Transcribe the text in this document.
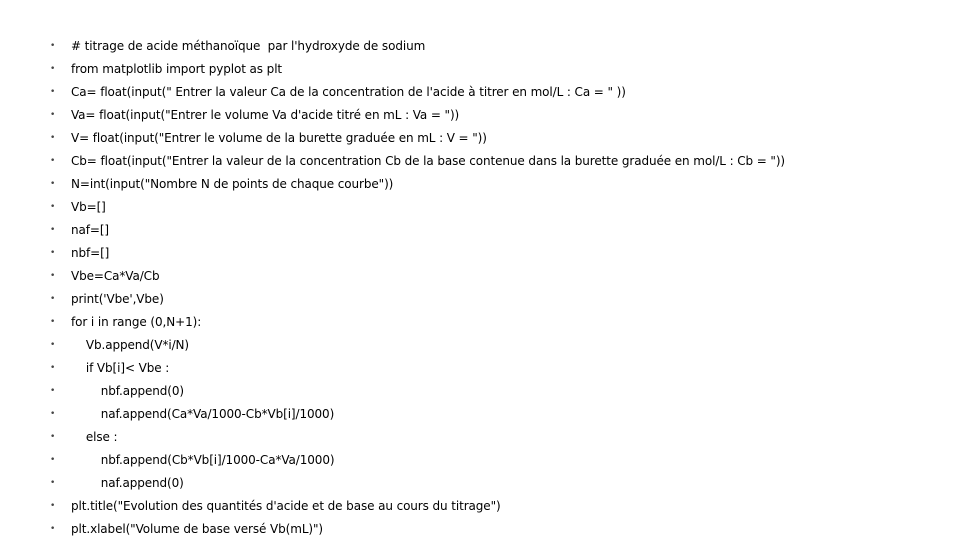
• # titrage de acide méthanoïque  par l'hydroxyde de sodium
• from matplotlib import pyplot as plt
• Ca= float(input(" Entrer la valeur Ca de la concentration de l'acide à titrer en mol/L : Ca = " ))
• Va= float(input("Entrer le volume Va d'acide titré en mL : Va = "))
• V= float(input("Entrer le volume de la burette graduée en mL : V = "))
• Cb= float(input("Entrer la valeur de la concentration Cb de la base contenue dans la burette graduée en mol/L : Cb = "))
• N=int(input("Nombre N de points de chaque courbe"))
• Vb=[]
• naf=[]
• nbf=[]
• Vbe=Ca*Va/Cb
• print('Vbe',Vbe)
• for i in range (0,N+1):
• Vb.append(V*i/N)
• if Vb[i]< Vbe :
• nbf.append(0)
• naf.append(Ca*Va/1000-Cb*Vb[i]/1000)
• else :
• nbf.append(Cb*Vb[i]/1000-Ca*Va/1000)
• naf.append(0)
• plt.title("Evolution des quantités d'acide et de base au cours du titrage")
• plt.xlabel("Volume de base versé Vb(mL)")
